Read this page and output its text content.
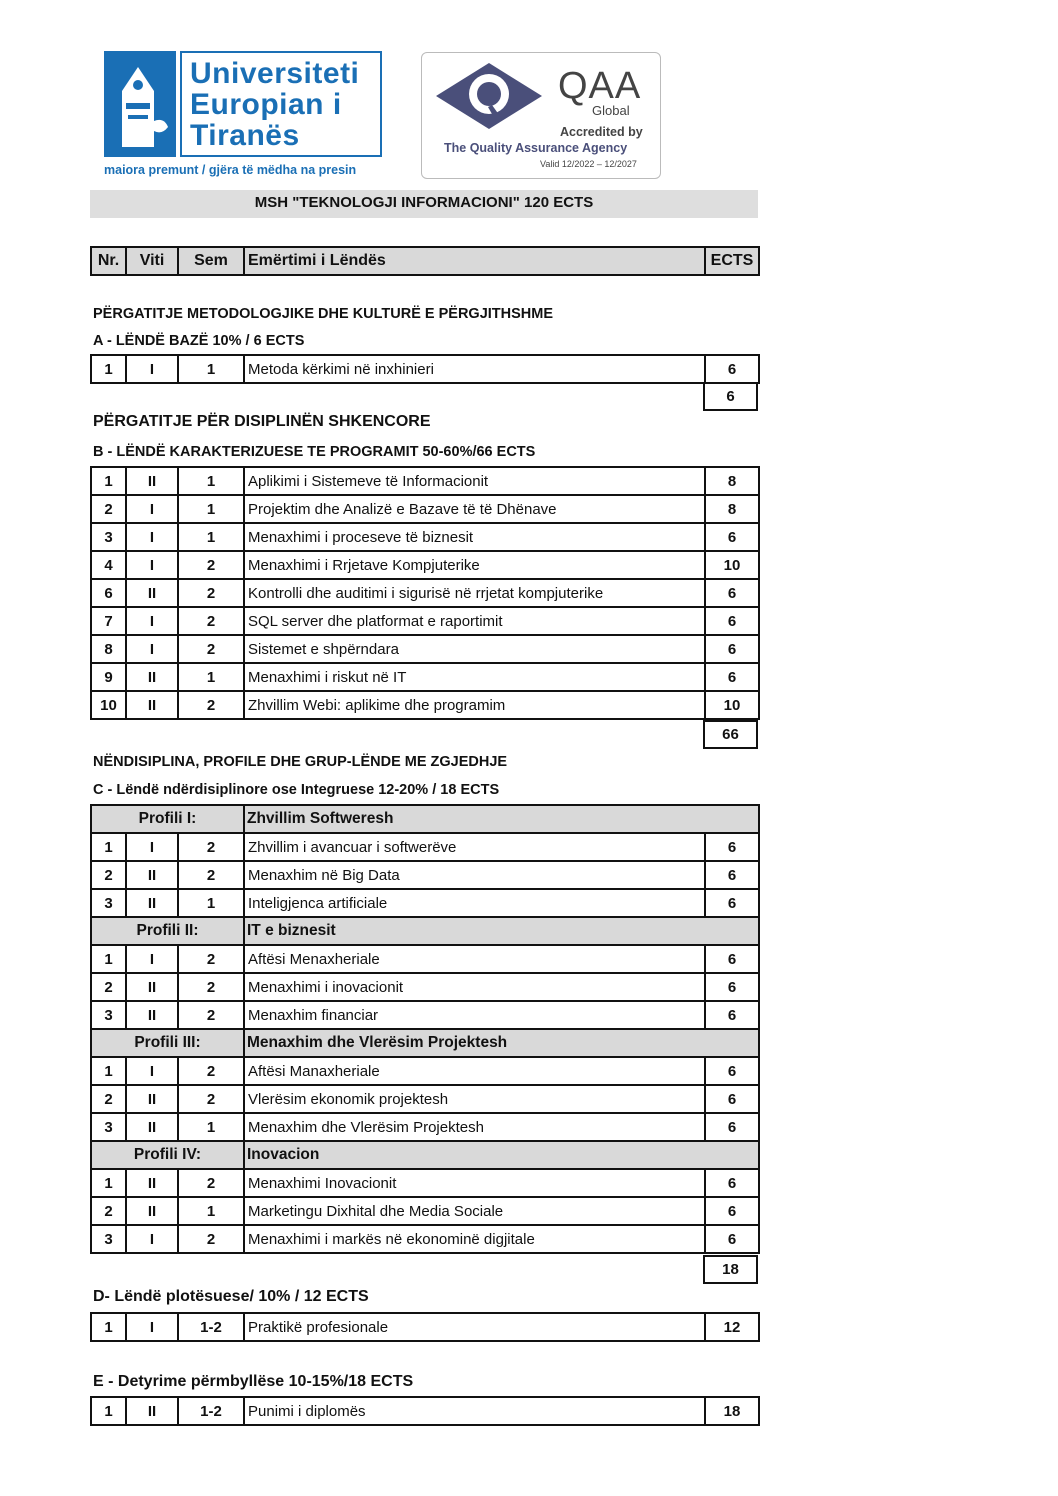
Universiteti
Europian i
Tiranës
maiora premunt / gjëra të mëdha na presin
QAA
Global
Accredited by
The Quality Assurance Agency
Valid 12/2022 – 12/2027
MSH "TEKNOLOGJI INFORMACIONI" 120 ECTS
Nr.	Viti	Sem	Emërtimi i Lëndës	ECTS
PËRGATITJE METODOLOGJIKE DHE KULTURË E PËRGJITHSHME
A - LËNDË BAZË 10% / 6 ECTS
1	I	1	Metoda kërkimi në inxhinieri	6
6
PËRGATITJE PËR DISIPLINËN SHKENCORE
B - LËNDË KARAKTERIZUESE TE PROGRAMIT 50-60%/66 ECTS
1	II	1	Aplikimi i Sistemeve të Informacionit	8
2	I	1	Projektim dhe Analizë e Bazave të të Dhënave	8
3	I	1	Menaxhimi i proceseve të biznesit	6
4	I	2	Menaxhimi i Rrjetave Kompjuterike	10
6	II	2	Kontrolli dhe auditimi i sigurisë në rrjetat kompjuterike	6
7	I	2	SQL server dhe platformat e raportimit	6
8	I	2	Sistemet e shpërndara	6
9	II	1	Menaxhimi i riskut në IT	6
10	II	2	Zhvillim Webi: aplikime dhe programim	10
66
NËNDISIPLINA, PROFILE DHE GRUP-LËNDE ME ZGJEDHJE
C - Lëndë ndërdisiplinore ose Integruese 12-20% / 18 ECTS
Profili I:			Zhvillim Softweresh	
1	I	2	Zhvillim i avancuar i softwerëve	6
2	II	2	Menaxhim në Big Data	6
3	II	1	Inteligjenca artificiale	6
Profili II:			IT e biznesit	
1	I	2	Aftësi Menaxheriale	6
2	II	2	Menaxhimi i inovacionit	6
3	II	2	Menaxhim financiar	6
Profili III:			Menaxhim dhe Vlerësim Projektesh	
1	I	2	Aftësi Manaxheriale	6
2	II	2	Vlerësim ekonomik projektesh	6
3	II	1	Menaxhim dhe Vlerësim Projektesh	6
Profili IV:			Inovacion	
1	II	2	Menaxhimi Inovacionit	6
2	II	1	Marketingu Dixhital dhe Media Sociale	6
3	I	2	Menaxhimi i markës në ekonominë digjitale	6
18
D- Lëndë plotësuese/ 10% / 12 ECTS
1	I	1-2	Praktikë profesionale	12
E - Detyrime përmbyllëse 10-15%/18 ECTS
1	II	1-2	Punimi i diplomës	18
